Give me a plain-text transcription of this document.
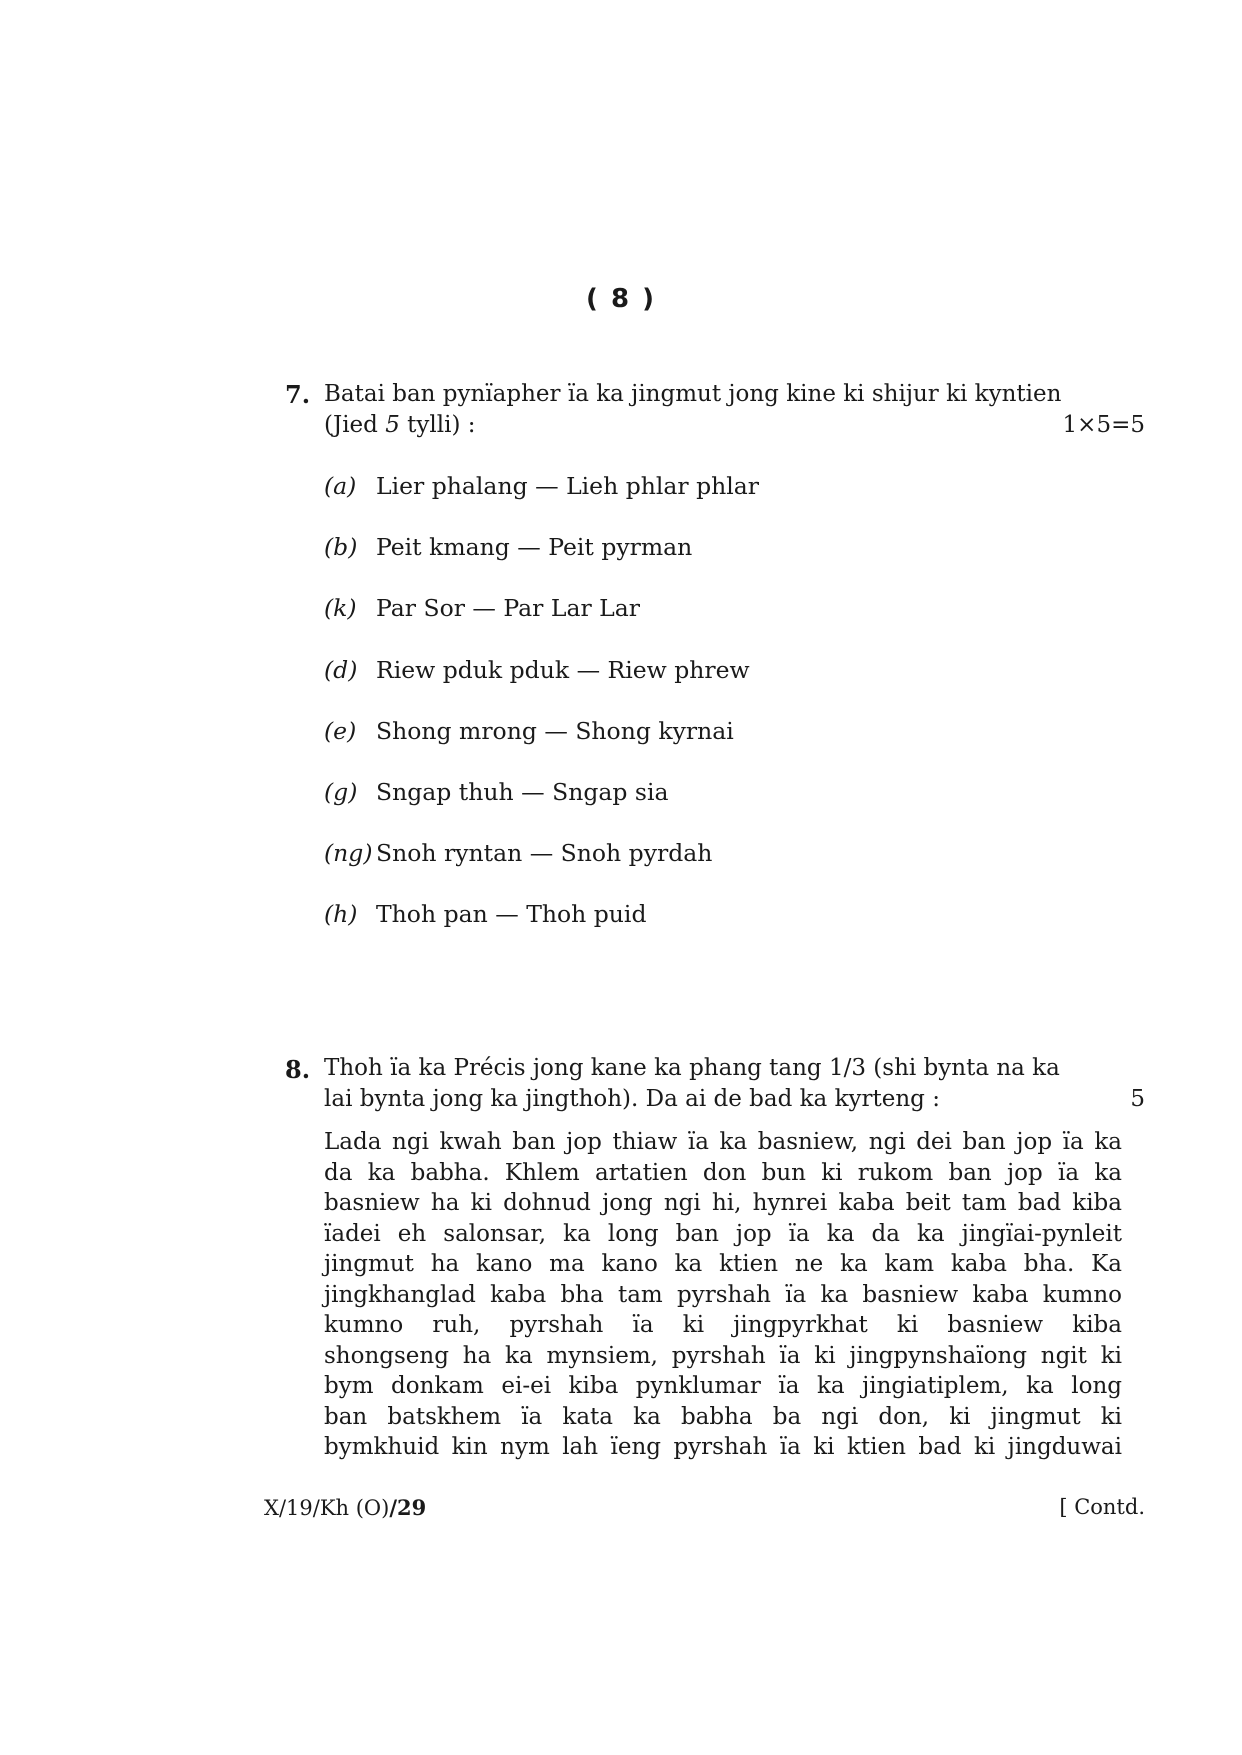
( 8 )
7. Batai ban pynïapher ïa ka jingmut jong kine ki shijur ki kyntien
(Jied 5 tylli) :	1×5=5
(a) Lier phalang — Lieh phlar phlar
(b) Peit kmang — Peit pyrman
(k) Par Sor — Par Lar Lar
(d) Riew pduk pduk — Riew phrew
(e) Shong mrong — Shong kyrnai
(g) Sngap thuh — Sngap sia
(ng) Snoh ryntan — Snoh pyrdah
(h) Thoh pan — Thoh puid
8. Thoh ïa ka Précis jong kane ka phang tang 1/3 (shi bynta na ka
lai bynta jong ka jingthoh). Da ai de bad ka kyrteng :	5
Lada ngi kwah ban jop thiaw ïa ka basniew, ngi dei ban jop ïa ka
da ka babha. Khlem artatien don bun ki rukom ban jop ïa ka
basniew ha ki dohnud jong ngi hi, hynrei kaba beit tam bad kiba
ïadei eh salonsar, ka long ban jop ïa ka da ka jingïai-pynleit
jingmut ha kano ma kano ka ktien ne ka kam kaba bha. Ka
jingkhanglad kaba bha tam pyrshah ïa ka basniew kaba kumno
kumno ruh, pyrshah ïa ki jingpyrkhat ki basniew kiba
shongseng ha ka mynsiem, pyrshah ïa ki jingpynshaïong ngit ki
bym donkam ei-ei kiba pynklumar ïa ka jingiatiplem, ka long
ban batskhem ïa kata ka babha ba ngi don, ki jingmut ki
bymkhuid kin nym lah ïeng pyrshah ïa ki ktien bad ki jingduwai
X/19/Kh (O)/29	[ Contd.
